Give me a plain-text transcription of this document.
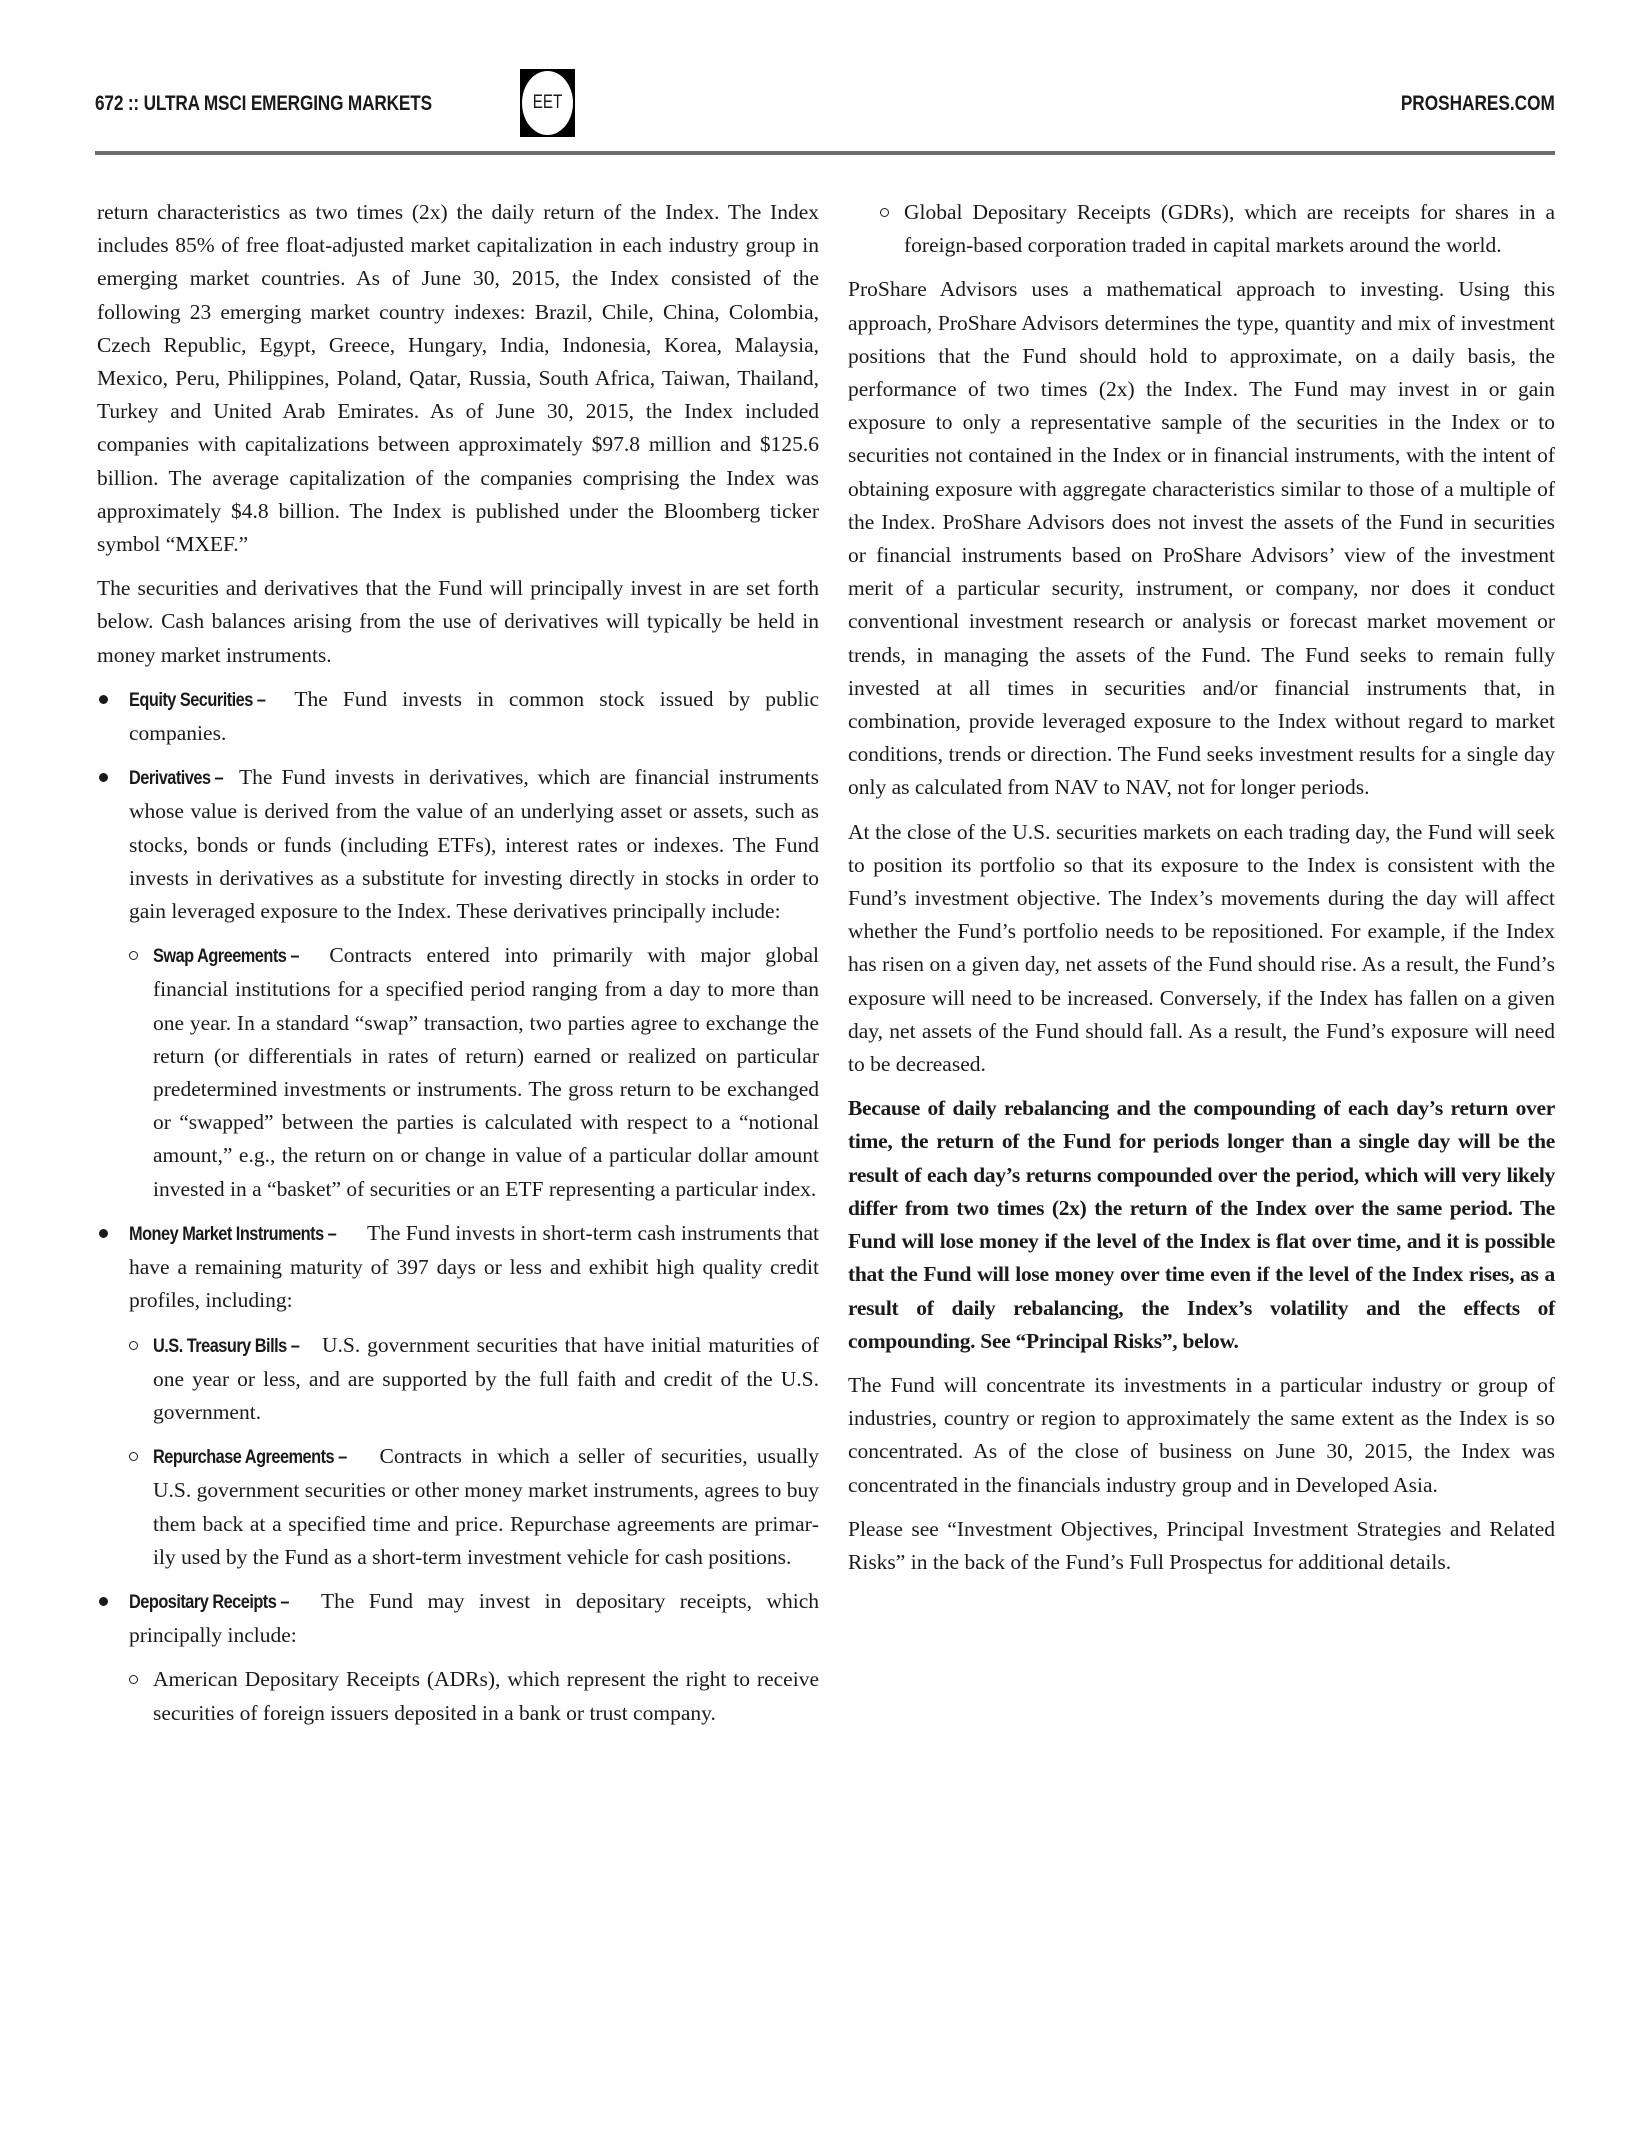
672 :: ULTRA MSCI EMERGING MARKETS	EET	PROSHARES.COM

return characteristics as two times (2x) the daily return of the Index. The Index includes 85% of free float-adjusted market capitalization in each industry group in emerging market countries. As of June 30, 2015, the Index consisted of the following 23 emerging market country indexes: Brazil, Chile, China, Colombia, Czech Republic, Egypt, Greece, Hungary, India, Indonesia, Korea, Malaysia, Mexico, Peru, Philippines, Poland, Qatar, Russia, South Africa, Taiwan, Thailand, Turkey and United Arab Emirates. As of June 30, 2015, the Index included companies with capitalizations between approximately $97.8 million and $125.6 billion. The average capitalization of the companies comprising the Index was approximately $4.8 billion. The Index is published under the Bloomberg ticker symbol “MXEF.”

The securities and derivatives that the Fund will principally invest in are set forth below. Cash balances arising from the use of derivatives will typically be held in money market instruments.

Equity Securities – The Fund invests in common stock issued by public companies.
Derivatives – The Fund invests in derivatives, which are financial instruments whose value is derived from the value of an underlying asset or assets, such as stocks, bonds or funds (including ETFs), interest rates or indexes. The Fund invests in derivatives as a substitute for investing directly in stocks in order to gain leveraged exposure to the Index. These derivatives principally include:
Swap Agreements – Contracts entered into primarily with major global financial institutions for a specified period ranging from a day to more than one year. In a standard “swap” transaction, two parties agree to exchange the return (or differentials in rates of return) earned or realized on particular predetermined investments or instruments. The gross return to be exchanged or “swapped” between the parties is calculated with respect to a “notional amount,” e.g., the return on or change in value of a particular dollar amount invested in a “basket” of securities or an ETF representing a particular index.
Money Market Instruments – The Fund invests in short-term cash instruments that have a remaining maturity of 397 days or less and exhibit high quality credit profiles, including:
U.S. Treasury Bills – U.S. government securities that have initial maturities of one year or less, and are supported by the full faith and credit of the U.S. government.
Repurchase Agreements – Contracts in which a seller of securities, usually U.S. government securities or other money market instruments, agrees to buy them back at a specified time and price. Repurchase agreements are primarily used by the Fund as a short-term investment vehicle for cash positions.
Depositary Receipts – The Fund may invest in depositary receipts, which principally include:
American Depositary Receipts (ADRs), which represent the right to receive securities of foreign issuers deposited in a bank or trust company.
Global Depositary Receipts (GDRs), which are receipts for shares in a foreign-based corporation traded in capital markets around the world.

ProShare Advisors uses a mathematical approach to investing. Using this approach, ProShare Advisors determines the type, quantity and mix of investment positions that the Fund should hold to approximate, on a daily basis, the performance of two times (2x) the Index. The Fund may invest in or gain exposure to only a representative sample of the securities in the Index or to securities not contained in the Index or in financial instruments, with the intent of obtaining exposure with aggregate characteristics similar to those of a multiple of the Index. ProShare Advisors does not invest the assets of the Fund in securities or financial instruments based on ProShare Advisors’ view of the investment merit of a particular security, instrument, or company, nor does it conduct conventional investment research or analysis or forecast market movement or trends, in managing the assets of the Fund. The Fund seeks to remain fully invested at all times in securities and/or financial instruments that, in combination, provide leveraged exposure to the Index without regard to market conditions, trends or direction. The Fund seeks investment results for a single day only as calculated from NAV to NAV, not for longer periods.

At the close of the U.S. securities markets on each trading day, the Fund will seek to position its portfolio so that its exposure to the Index is consistent with the Fund’s investment objective. The Index’s movements during the day will affect whether the Fund’s portfolio needs to be repositioned. For example, if the Index has risen on a given day, net assets of the Fund should rise. As a result, the Fund’s exposure will need to be increased. Conversely, if the Index has fallen on a given day, net assets of the Fund should fall. As a result, the Fund’s exposure will need to be decreased.

Because of daily rebalancing and the compounding of each day’s return over time, the return of the Fund for periods longer than a single day will be the result of each day’s returns compounded over the period, which will very likely differ from two times (2x) the return of the Index over the same period. The Fund will lose money if the level of the Index is flat over time, and it is possible that the Fund will lose money over time even if the level of the Index rises, as a result of daily rebalancing, the Index’s volatility and the effects of compounding. See “Principal Risks”, below.

The Fund will concentrate its investments in a particular industry or group of industries, country or region to approximately the same extent as the Index is so concentrated. As of the close of business on June 30, 2015, the Index was concentrated in the financials industry group and in Developed Asia.

Please see “Investment Objectives, Principal Investment Strategies and Related Risks” in the back of the Fund’s Full Prospectus for additional details.
